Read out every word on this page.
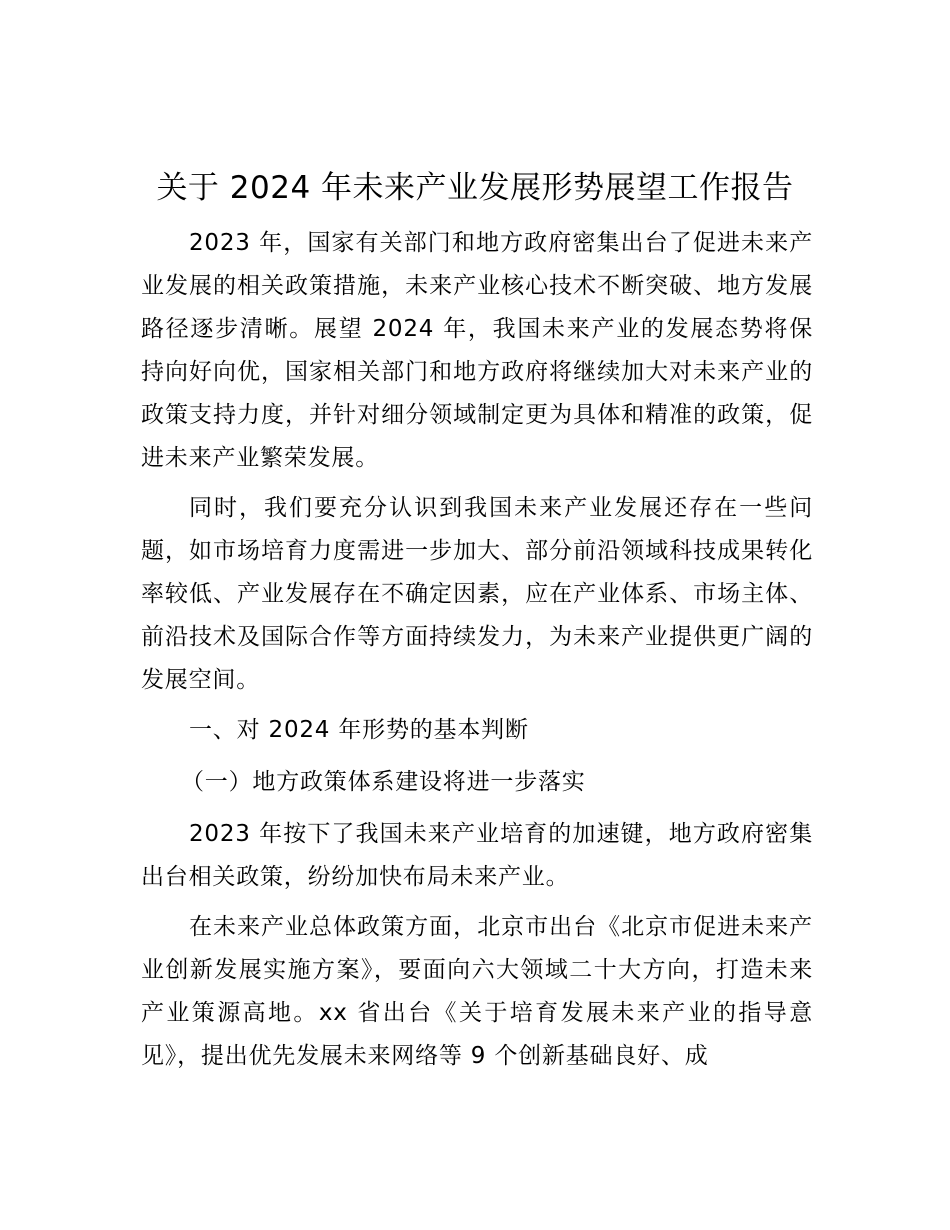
关于 2024 年未来产业发展形势展望工作报告

2023 年，国家有关部门和地方政府密集出台了促进未来产业发展的相关政策措施，未来产业核心技术不断突破、地方发展路径逐步清晰。展望 2024 年，我国未来产业的发展态势将保持向好向优，国家相关部门和地方政府将继续加大对未来产业的政策支持力度，并针对细分领域制定更为具体和精准的政策，促进未来产业繁荣发展。

同时，我们要充分认识到我国未来产业发展还存在一些问题，如市场培育力度需进一步加大、部分前沿领域科技成果转化率较低、产业发展存在不确定因素，应在产业体系、市场主体、前沿技术及国际合作等方面持续发力，为未来产业提供更广阔的发展空间。

一、对 2024 年形势的基本判断

（一）地方政策体系建设将进一步落实

2023 年按下了我国未来产业培育的加速键，地方政府密集出台相关政策，纷纷加快布局未来产业。

在未来产业总体政策方面，北京市出台《北京市促进未来产业创新发展实施方案》，要面向六大领域二十大方向，打造未来产业策源高地。xx 省出台《关于培育发展未来产业的指导意见》，提出优先发展未来网络等 9 个创新基础良好、成
